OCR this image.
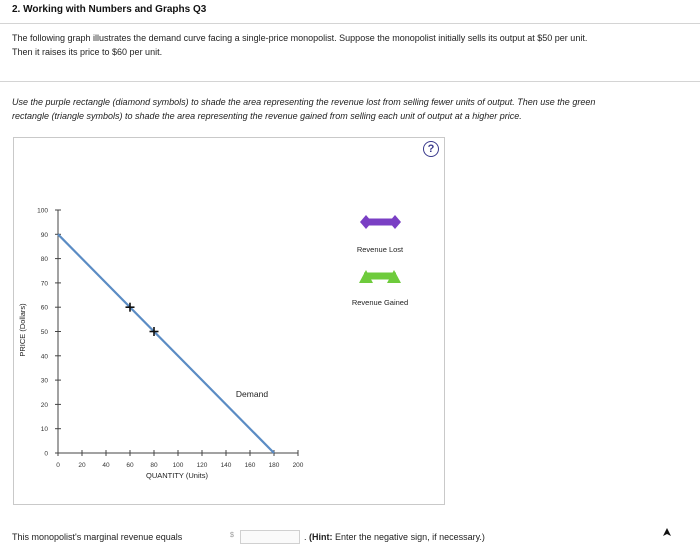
2. Working with Numbers and Graphs Q3
The following graph illustrates the demand curve facing a single-price monopolist. Suppose the monopolist initially sells its output at $50 per unit.
Then it raises its price to $60 per unit.
Use the purple rectangle (diamond symbols) to shade the area representing the revenue lost from selling fewer units of output. Then use the green
rectangle (triangle symbols) to shade the area representing the revenue gained from selling each unit of output at a higher price.
?
0
10
20
30
40
50
60
70
80
90
100
0	20	40	60	80 100 120 140 160 180 200
Demand
PRICE (Dollars)
QUANTITY (Units)
Revenue Lost
Revenue Gained
This monopolist's marginal revenue equals	$	. (Hint: Enter the negative sign, if necessary.)
